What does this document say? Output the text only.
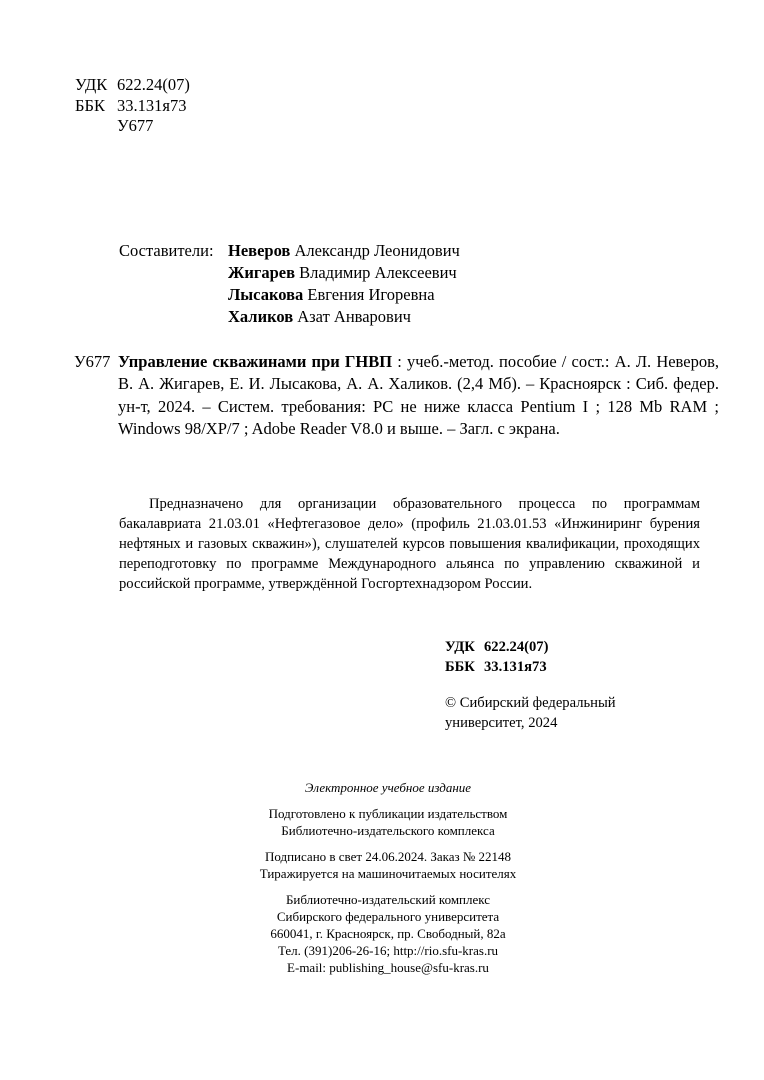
УДК 622.24(07)
ББК 33.131я73
У677
Составители: Неверов Александр Леонидович
Жигарев Владимир Алексеевич
Лысакова Евгения Игоревна
Халиков Азат Анварович
У677 Управление скважинами при ГНВП : учеб.-метод. пособие / сост.: А. Л. Неверов, В. А. Жигарев, Е. И. Лысакова, А. А. Халиков. (2,4 Мб). – Красноярск : Сиб. федер. ун-т, 2024. – Систем. требования: PC не ниже класса Pentium I ; 128 Mb RAM ; Windows 98/XP/7 ; Adobe Reader V8.0 и выше. – Загл. с экрана.
Предназначено для организации образовательного процесса по программам бакалавриата 21.03.01 «Нефтегазовое дело» (профиль 21.03.01.53 «Инжиниринг бурения нефтяных и газовых скважин»), слушателей курсов повышения квалификации, проходящих переподготовку по программе Международного альянса по управлению скважиной и российской программе, утверждённой Госгортехнадзором России.
УДК 622.24(07)
ББК 33.131я73
© Сибирский федеральный
университет, 2024
Электронное учебное издание
Подготовлено к публикации издательством
Библиотечно-издательского комплекса
Подписано в свет 24.06.2024. Заказ № 22148
Тиражируется на машиночитаемых носителях
Библиотечно-издательский комплекс
Сибирского федерального университета
660041, г. Красноярск, пр. Свободный, 82а
Тел. (391)206-26-16; http://rio.sfu-kras.ru
E-mail: publishing_house@sfu-kras.ru
